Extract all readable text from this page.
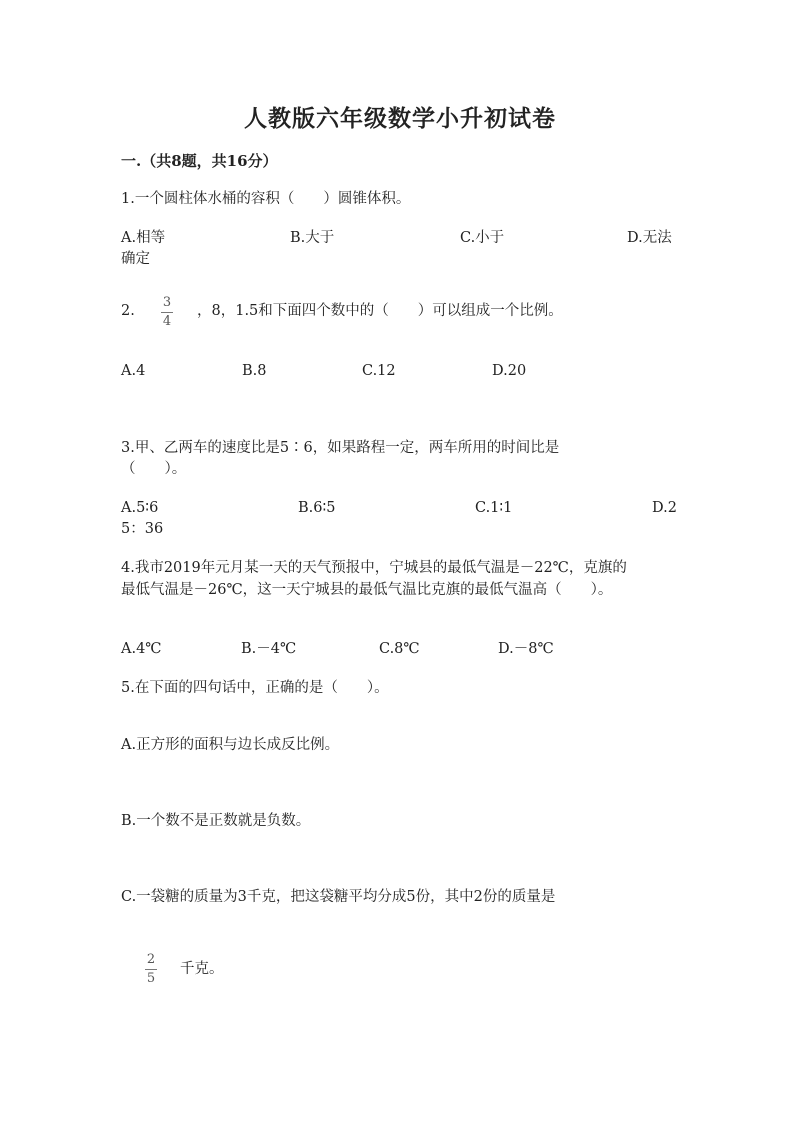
人教版六年级数学小升初试卷
一.（共8题，共16分）
1.一个圆柱体水桶的容积（　　）圆锥体积。
A.相等	B.大于	C.小于	D.无法
确定
2.
3
4
，8，1.5和下面四个数中的（　　）可以组成一个比例。
A.4	B.8	C.12	D.20
3.甲、乙两车的速度比是5∶6，如果路程一定，两车所用的时间比是
（　　）。
A.5∶6	B.6∶5	C.1∶1	D.2
5：36
4.我市2019年元月某一天的天气预报中，宁城县的最低气温是－22℃，克旗的
最低气温是－26℃，这一天宁城县的最低气温比克旗的最低气温高（　　）。
A.4℃	B.－4℃	C.8℃	D.－8℃
5.在下面的四句话中，正确的是（　　）。
A.正方形的面积与边长成反比例。
B.一个数不是正数就是负数。
C.一袋糖的质量为3千克，把这袋糖平均分成5份，其中2份的质量是
2
5
千克。
